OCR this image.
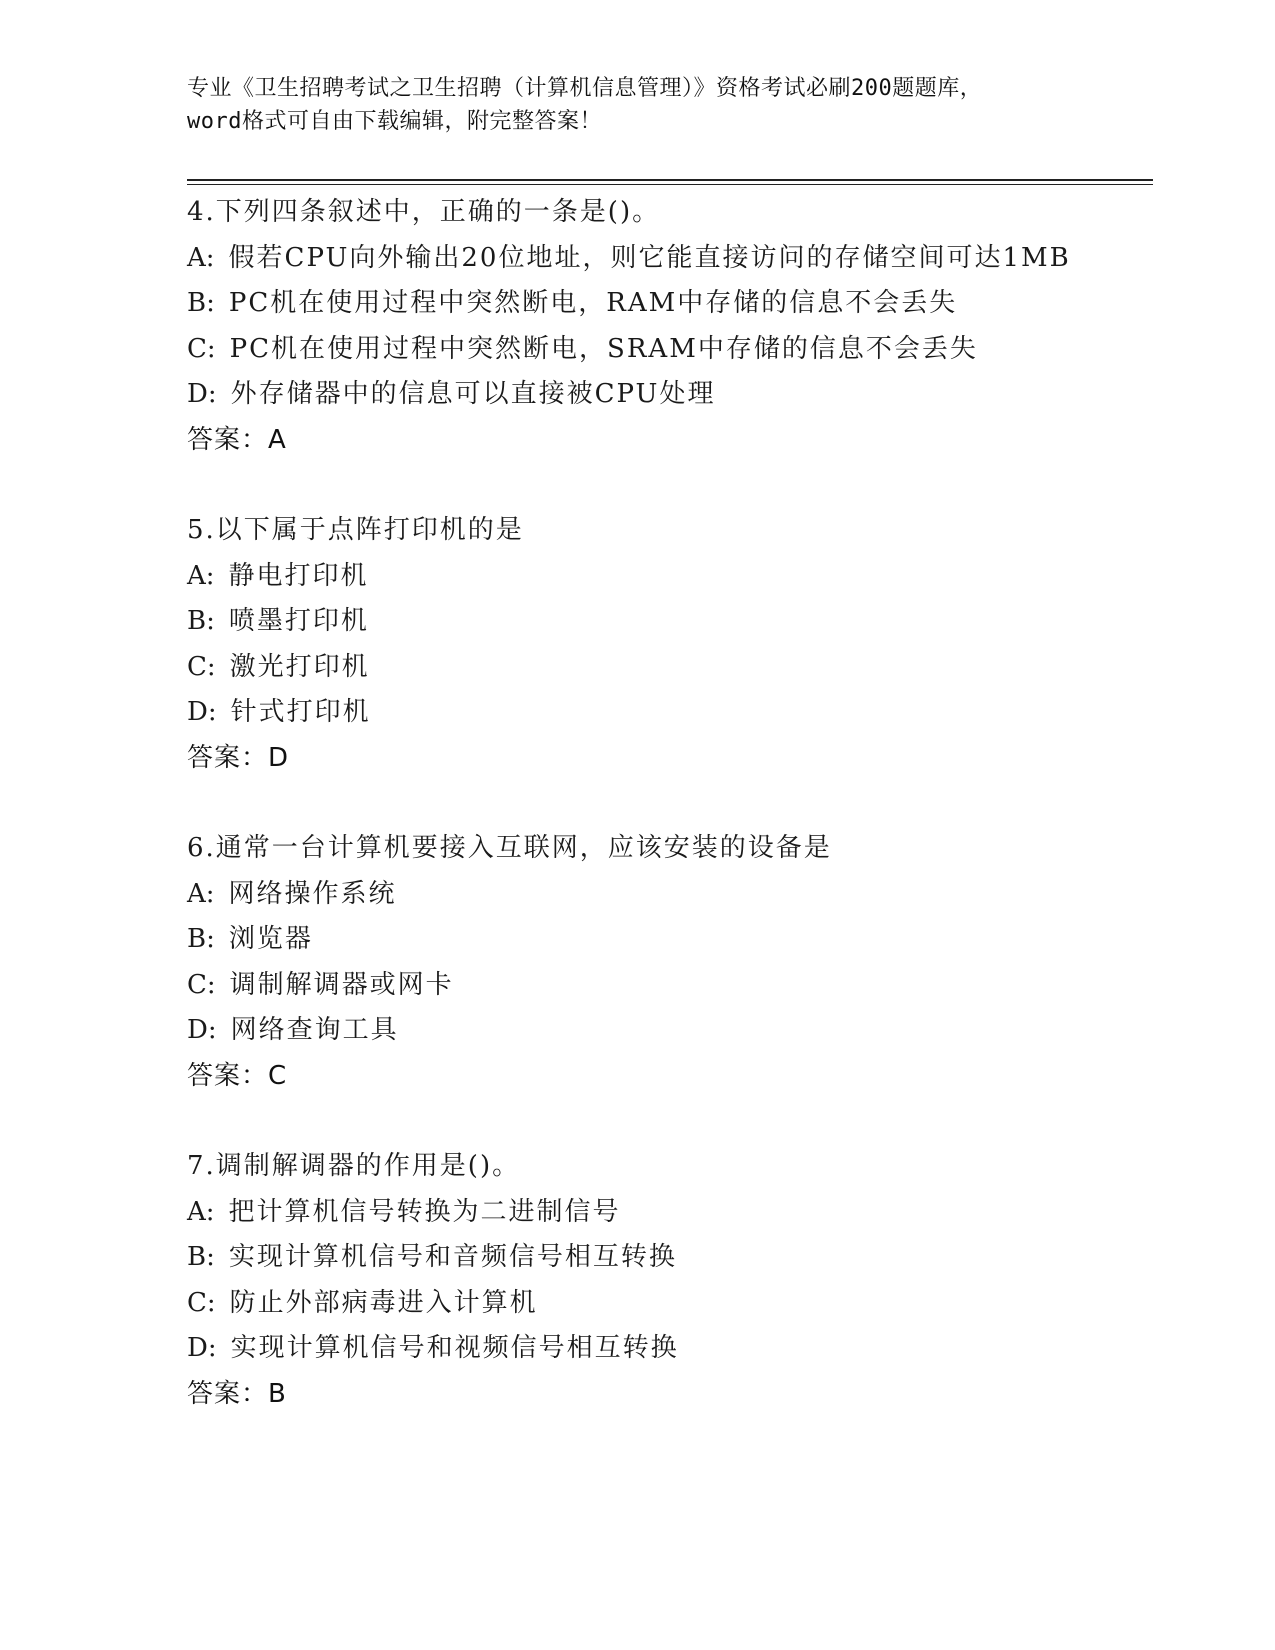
专业《卫生招聘考试之卫生招聘（计算机信息管理）》资格考试必刷200题题库，
word格式可自由下载编辑，附完整答案！
4.下列四条叙述中，正确的一条是()。
A: 假若CPU向外输出20位地址，则它能直接访问的存储空间可达1MB
B: PC机在使用过程中突然断电，RAM中存储的信息不会丢失
C: PC机在使用过程中突然断电，SRAM中存储的信息不会丢失
D: 外存储器中的信息可以直接被CPU处理
答案：A
5.以下属于点阵打印机的是
A: 静电打印机
B: 喷墨打印机
C: 激光打印机
D: 针式打印机
答案：D
6.通常一台计算机要接入互联网，应该安装的设备是
A: 网络操作系统
B: 浏览器
C: 调制解调器或网卡
D: 网络查询工具
答案：C
7.调制解调器的作用是()。
A: 把计算机信号转换为二进制信号
B: 实现计算机信号和音频信号相互转换
C: 防止外部病毒进入计算机
D: 实现计算机信号和视频信号相互转换
答案：B
